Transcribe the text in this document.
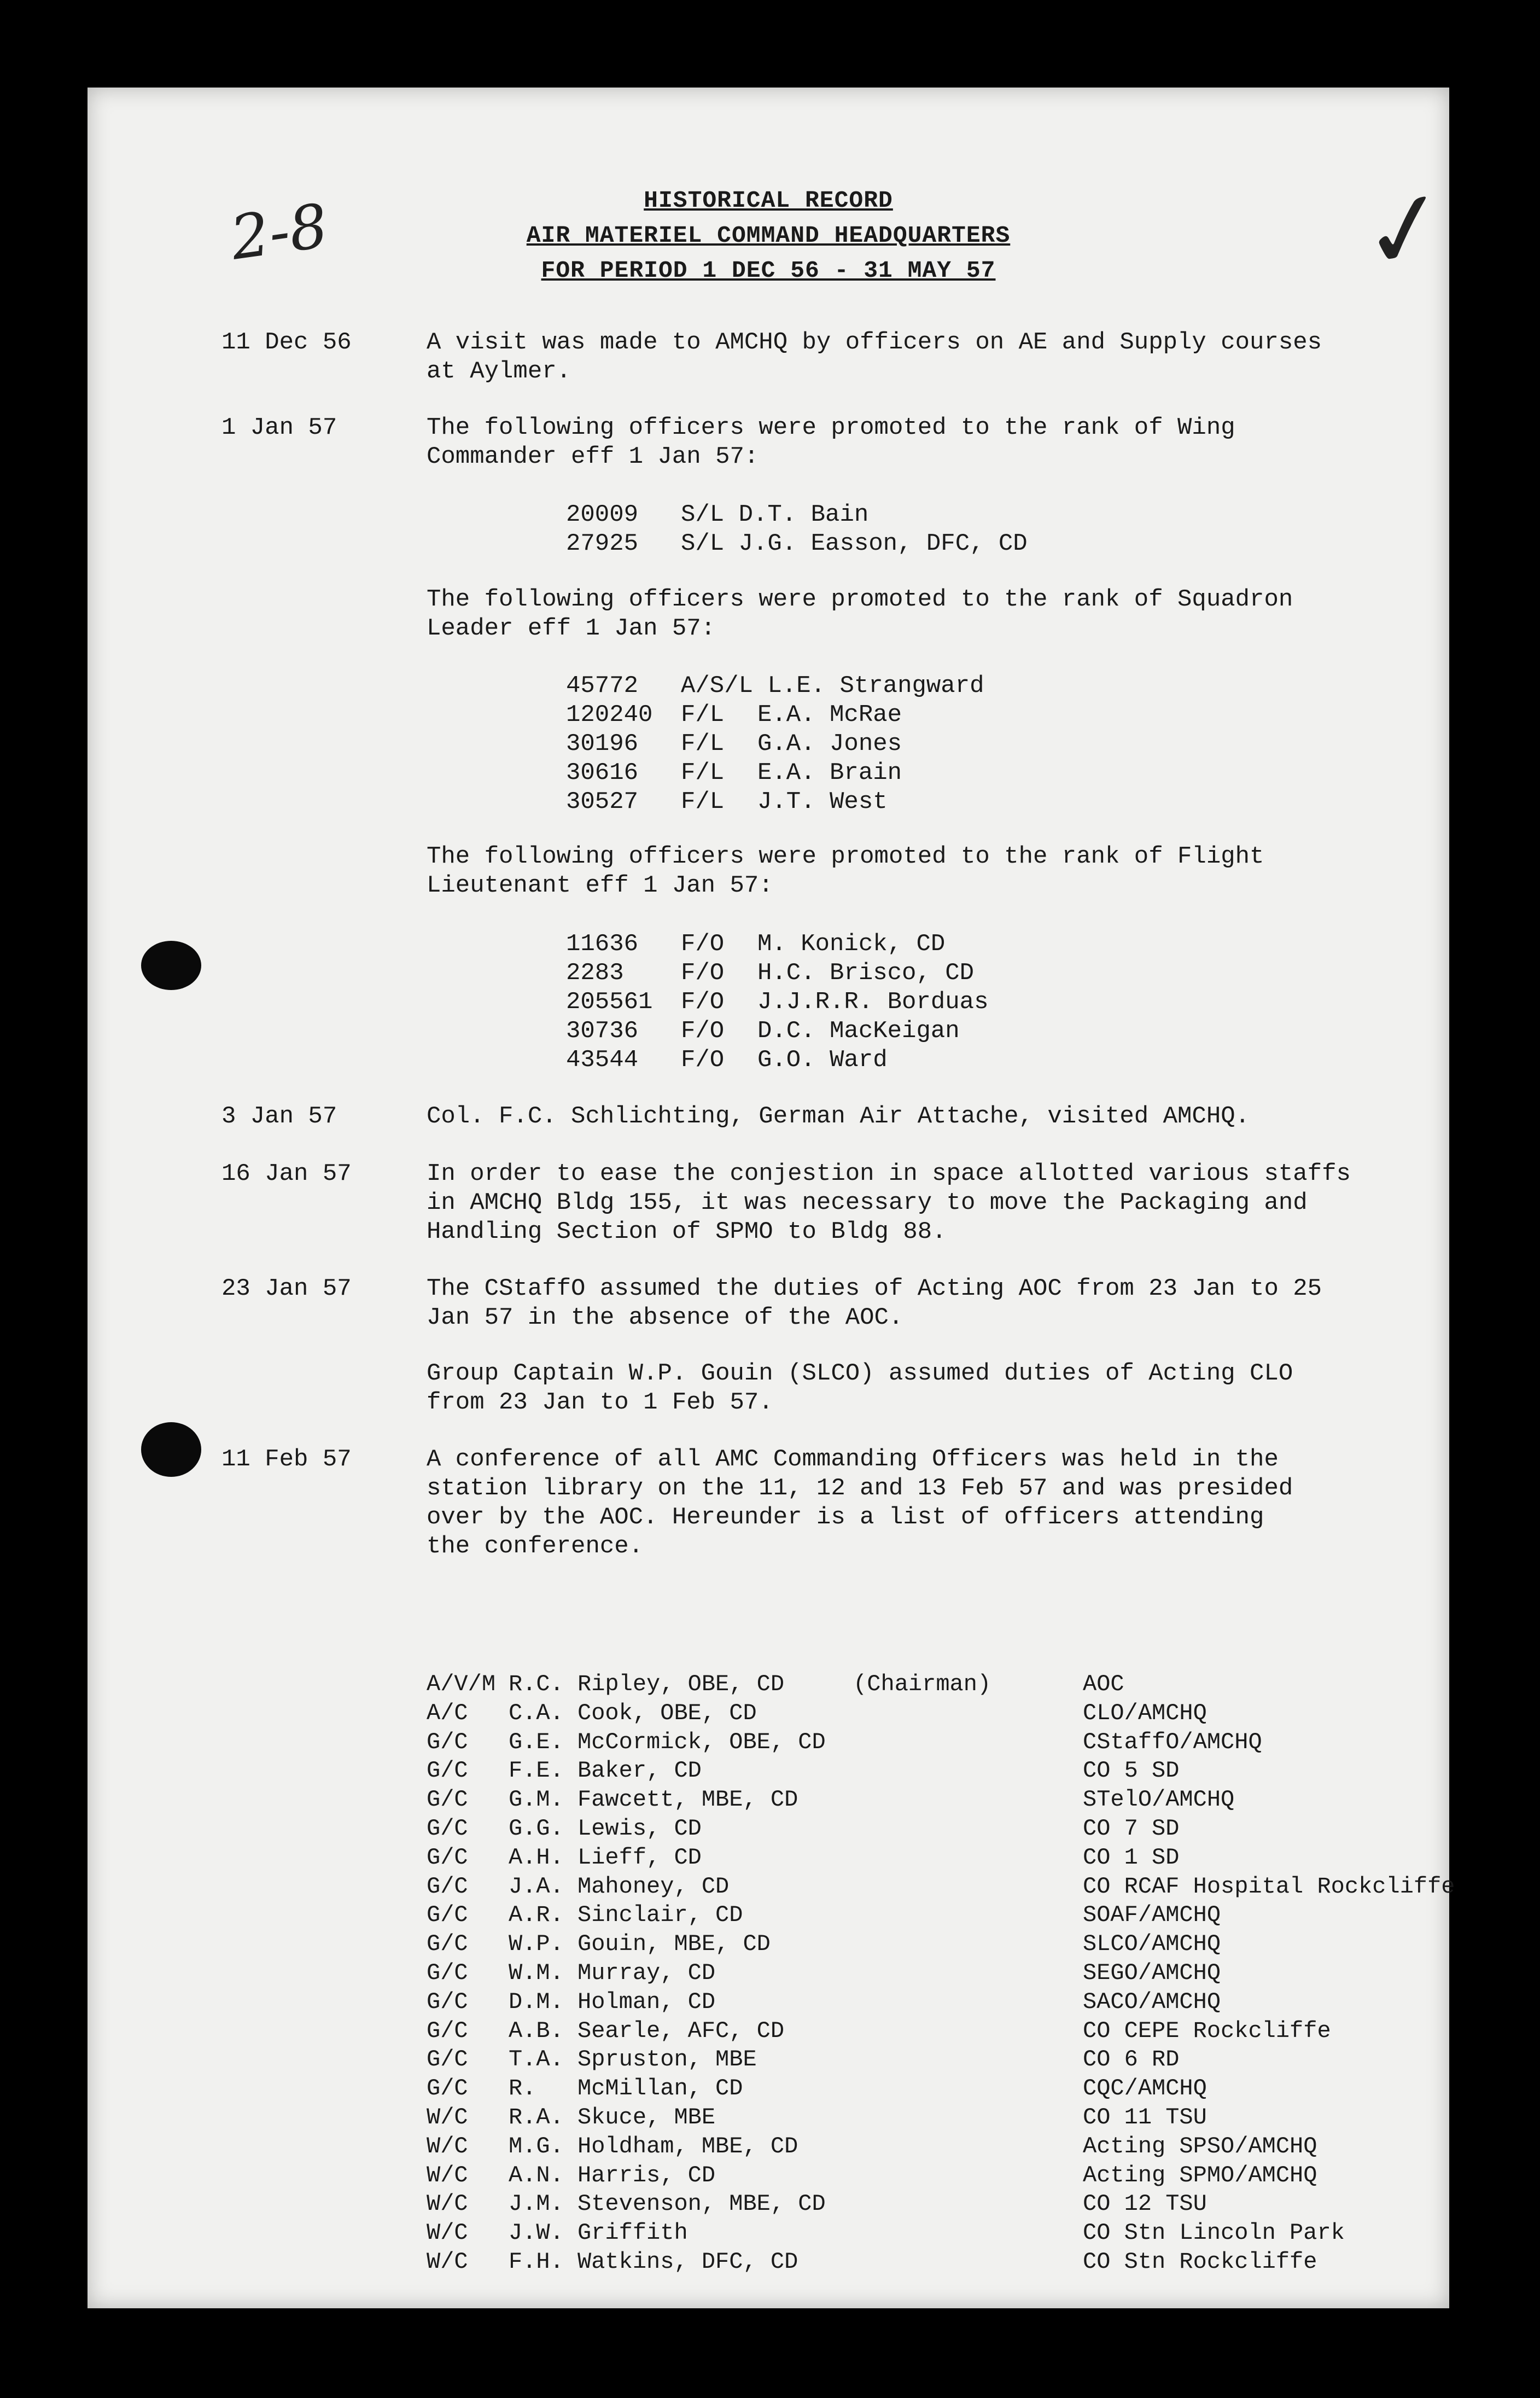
2-8	✓
HISTORICAL RECORD
AIR MATERIEL COMMAND HEADQUARTERS
FOR PERIOD 1 DEC 56 - 31 MAY 57
11 Dec 56	A visit was made to AMCHQ by officers on AE and Supply courses
at Aylmer.
1 Jan 57	The following officers were promoted to the rank of Wing
Commander eff 1 Jan 57:
20009 S/L D.T. Bain
27925 S/L J.G. Easson, DFC, CD
The following officers were promoted to the rank of Squadron
Leader eff 1 Jan 57:
45772 A/S/L L.E. Strangward
120240 F/L E.A. McRae
30196 F/L G.A. Jones
30616 F/L E.A. Brain
30527 F/L J.T. West
The following officers were promoted to the rank of Flight
Lieutenant eff 1 Jan 57:
11636 F/O M. Konick, CD
2283 F/O H.C. Brisco, CD
205561 F/O J.J.R.R. Borduas
30736 F/O D.C. MacKeigan
43544 F/O G.O. Ward
3 Jan 57	Col. F.C. Schlichting, German Air Attache, visited AMCHQ.
16 Jan 57	In order to ease the conjestion in space allotted various staffs
in AMCHQ Bldg 155, it was necessary to move the Packaging and
Handling Section of SPMO to Bldg 88.
23 Jan 57	The CStaffO assumed the duties of Acting AOC from 23 Jan to 25
Jan 57 in the absence of the AOC.
Group Captain W.P. Gouin (SLCO) assumed duties of Acting CLO
from 23 Jan to 1 Feb 57.
11 Feb 57	A conference of all AMC Commanding Officers was held in the
station library on the 11, 12 and 13 Feb 57 and was presided
over by the AOC. Hereunder is a list of officers attending
the conference.
A/V/M R.C. Ripley, OBE, CD     (Chairman)	AOC
A/C C.A. Cook, OBE, CD	CLO/AMCHQ
G/C G.E. McCormick, OBE, CD	CStaffO/AMCHQ
G/C F.E. Baker, CD	CO 5 SD
G/C G.M. Fawcett, MBE, CD	STelO/AMCHQ
G/C G.G. Lewis, CD	CO 7 SD
G/C A.H. Lieff, CD	CO 1 SD
G/C J.A. Mahoney, CD	CO RCAF Hospital Rockcliffe
G/C A.R. Sinclair, CD	SOAF/AMCHQ
G/C W.P. Gouin, MBE, CD	SLCO/AMCHQ
G/C W.M. Murray, CD	SEGO/AMCHQ
G/C D.M. Holman, CD	SACO/AMCHQ
G/C A.B. Searle, AFC, CD	CO CEPE Rockcliffe
G/C T.A. Spruston, MBE	CO 6 RD
G/C R.   McMillan, CD	CQC/AMCHQ
W/C R.A. Skuce, MBE	CO 11 TSU
W/C M.G. Holdham, MBE, CD	Acting SPSO/AMCHQ
W/C A.N. Harris, CD	Acting SPMO/AMCHQ
W/C J.M. Stevenson, MBE, CD	CO 12 TSU
W/C J.W. Griffith	CO Stn Lincoln Park
W/C F.H. Watkins, DFC, CD	CO Stn Rockcliffe
